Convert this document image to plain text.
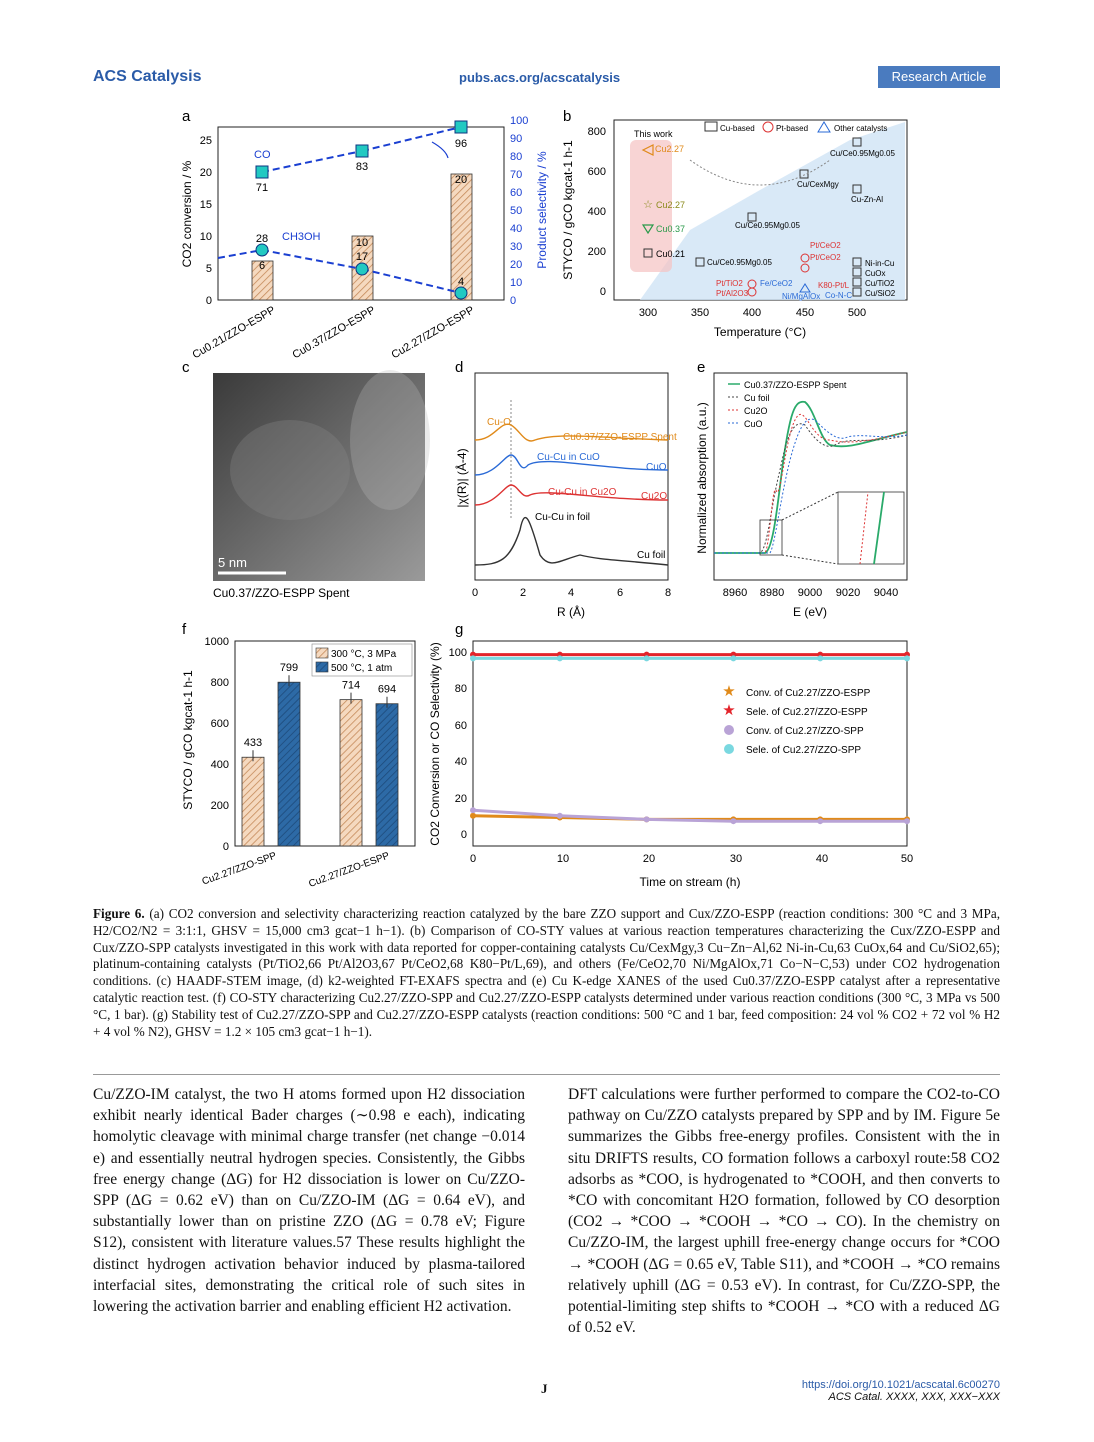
ACS Catalysis	pubs.acs.org/acscatalysis	Research Article
a
0
5
10
15
20
25
0
10
20
30
40
50
60
70
80
90
100
CO2 conversion / %	Product selectivity / %
6
10
20
71
83
96
CO
28
17
4
CH3OH
Cu0.21/ZZO-ESPP Cu0.37/ZZO-ESPP Cu2.27/ZZO-ESPP
b
0
200
400
600
800
300	350	400	450	500
Temperature (°C)
STYCO / gCO kgcat-1 h-1
Cu-based	Pt-based	Other catalysts
This work
Cu2.27
☆ Cu2.27
Cu0.37
Cu0.21
Cu/Ce0.95Mg0.05
Cu/CexMgy
Cu-Zn-Al
Cu/Ce0.95Mg0.05
Cu/Ce0.95Mg0.05
Pt/CeO2
Pt/CeO2
Ni-in-Cu
CuOx
Cu/TiO2
Cu/SiO2
Pt/TiO2
Pt/Al2O3
Fe/CeO2	K80-Pt/L
Ni/MgAlOx Co-N-C
c
5 nm
Cu0.37/ZZO-ESPP Spent
d
Cu-O
Cu0.37/ZZO-ESPP Spent
Cu-Cu in CuO
CuO
Cu-Cu in Cu2O Cu2O
Cu-Cu in foil
Cu foil
0	2	4	6	8
R (Å)
|χ(R)| (Å-4)
e
Cu0.37/ZZO-ESPP Spent
Cu foil
Cu2O
CuO
8960 8980 9000 9020 9040
E (eV)
Normalized absorption (a.u.)
f
0
200
400
600
800
1000
STYCO / gCO kgcat-1 h-1
300 °C, 3 MPa
500 °C, 1 atm
433
799
714 694
Cu2.27/ZZO-SPP	Cu2.27/ZZO-ESPP
g
0
20
40
60
80
100
0	10	20	30	40	50
Time on stream (h)
CO2 Conversion or CO Selectivity (%)	★ Conv. of Cu2.27/ZZO-ESPP
★ Sele. of Cu2.27/ZZO-ESPP
Conv. of Cu2.27/ZZO-SPP
Sele. of Cu2.27/ZZO-SPP
Figure 6. (a) CO2 conversion and selectivity characterizing reaction catalyzed by the bare ZZO support and Cux/ZZO-ESPP (reaction conditions: 300 °C and 3 MPa, H2/CO2/N2 = 3:1:1, GHSV = 15,000 cm3 gcat−1 h−1). (b) Comparison of CO-STY values at various reaction temperatures characterizing the Cux/ZZO-ESPP and Cux/ZZO-SPP catalysts investigated in this work with data reported for copper-containing catalysts Cu/CexMgy,3 Cu−Zn−Al,62 Ni-in-Cu,63 CuOx,64 and Cu/SiO2,65); platinum-containing catalysts (Pt/TiO2,66 Pt/Al2O3,67 Pt/CeO2,68 K80−Pt/L,69), and others (Fe/CeO2,70 Ni/MgAlOx,71 Co−N−C,53) under CO2 hydrogenation conditions. (c) HAADF-STEM image, (d) k2-weighted FT-EXAFS spectra and (e) Cu K-edge XANES of the used Cu0.37/ZZO-ESPP catalyst after a representative catalytic reaction test. (f) CO-STY characterizing Cu2.27/ZZO-SPP and Cu2.27/ZZO-ESPP catalysts determined under various reaction conditions (300 °C, 3 MPa vs 500 °C, 1 bar). (g) Stability test of Cu2.27/ZZO-SPP and Cu2.27/ZZO-ESPP catalysts (reaction conditions: 500 °C and 1 bar, feed composition: 24 vol % CO2 + 72 vol % H2 + 4 vol % N2), GHSV = 1.2 × 105 cm3 gcat−1 h−1).
Cu/ZZO-IM catalyst, the two H atoms formed upon H2 dissociation exhibit nearly identical Bader charges (∼0.98 e each), indicating homolytic cleavage with minimal charge transfer (net change −0.014 e) and essentially neutral hydrogen species. Consistently, the Gibbs free energy change (ΔG) for H2 dissociation is lower on Cu/ZZO-SPP (ΔG = 0.62 eV) than on Cu/ZZO-IM (ΔG = 0.64 eV), and substantially lower than on pristine ZZO (ΔG = 0.78 eV; Figure S12), consistent with literature values.57 These results highlight the distinct hydrogen activation behavior induced by plasma-tailored interfacial sites, demonstrating the critical role of such sites in lowering the activation barrier and enabling efficient H2 activation.
DFT calculations were further performed to compare the CO2-to-CO pathway on Cu/ZZO catalysts prepared by SPP and by IM. Figure 5e summarizes the Gibbs free-energy profiles. Consistent with the in situ DRIFTS results, CO formation follows a carboxyl route:58 CO2 adsorbs as *COO, is hydrogenated to *COOH, and then converts to *CO with concomitant H2O formation, followed by CO desorption (CO2 → *COO → *COOH → *CO → CO). In the chemistry on Cu/ZZO-IM, the largest uphill free-energy change occurs for *COO → *COOH (ΔG = 0.65 eV, Table S11), and *COOH → *CO remains relatively uphill (ΔG = 0.53 eV). In contrast, for Cu/ZZO-SPP, the potential-limiting step shifts to *COOH → *CO with a reduced ΔG of 0.52 eV.
J	https://doi.org/10.1021/acscatal.6c00270
ACS Catal. XXXX, XXX, XXX−XXX
